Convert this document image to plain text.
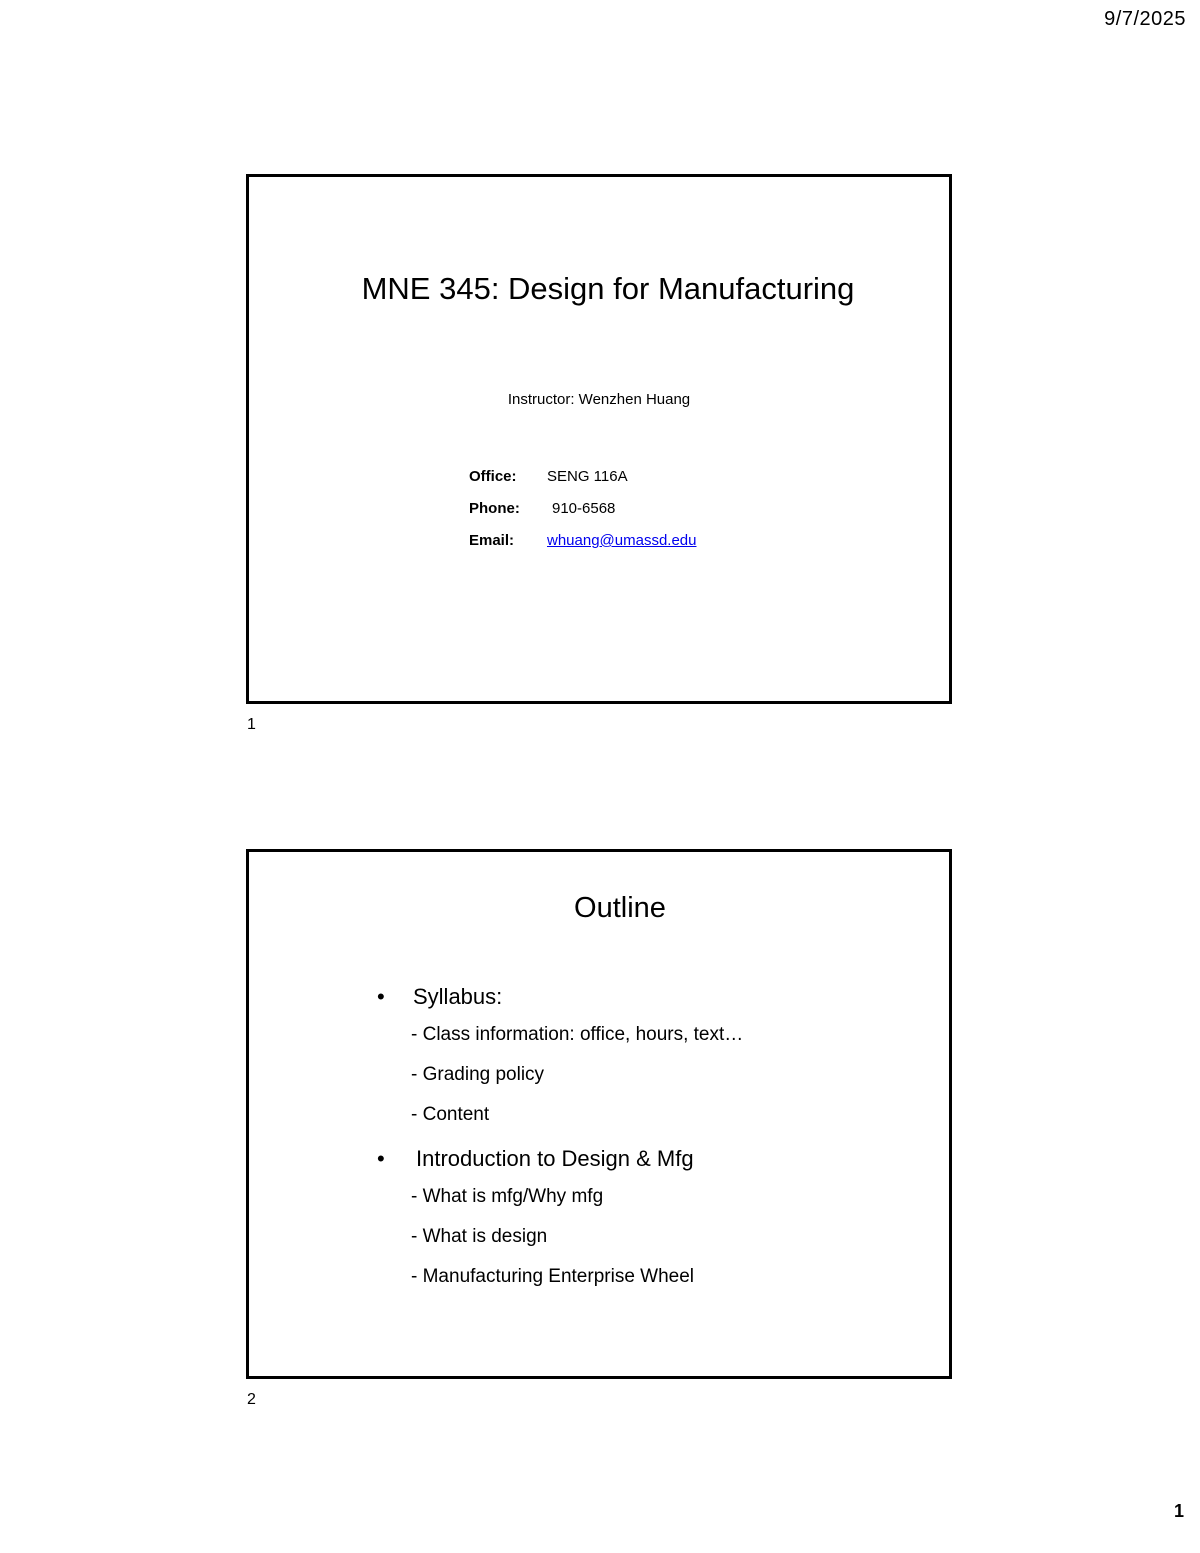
9/7/2025
MNE 345: Design for Manufacturing
Instructor: Wenzhen Huang
Office: SENG 116A
Phone: 910-6568
Email: whuang@umassd.edu
1
Outline
• Syllabus:
- Class information: office, hours, text…
- Grading policy
- Content
• Introduction to Design & Mfg
- What is mfg/Why mfg
- What is design
- Manufacturing Enterprise Wheel
2
1
